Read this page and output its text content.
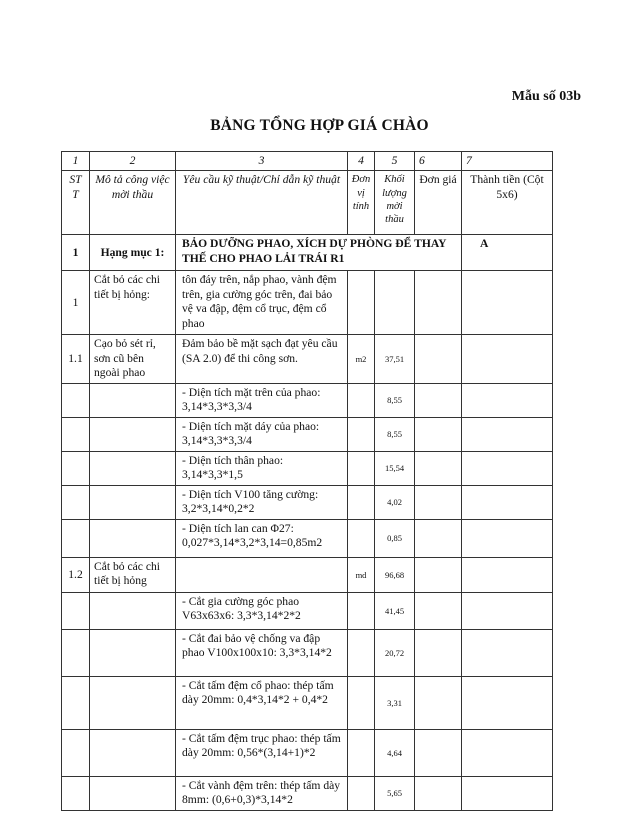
Mẫu số 03b
BẢNG TỔNG HỢP GIÁ CHÀO
1	2	3	4	5	6	7
ST T	Mô tả công việc mời thầu	Yêu cầu kỹ thuật/Chỉ dẫn kỹ thuật	Đơn vị tính	Khối lượng mời thầu	Đơn giá	Thành tiền (Cột 5x6)
1	Hạng mục 1:	BẢO DƯỠNG PHAO, XÍCH DỰ PHÒNG ĐỂ THAY THẾ CHO PHAO LẢI TRÁI R1				A
1	Cắt bỏ các chi tiết bị hỏng:	tôn đáy trên, nắp phao, vành đệm trên, gia cường góc trên, đai bảo vệ va đập, đệm cổ trục, đệm cổ phao				
1.1	Cạo bỏ sét rỉ, sơn cũ bên ngoài phao	Đảm bảo bề mặt sạch đạt yêu cầu (SA 2.0) để thi công sơn.	m2	37,51		
		- Diện tích mặt trên của phao: 3,14*3,3*3,3/4		8,55		
		- Diện tích mặt dáy của phao: 3,14*3,3*3,3/4		8,55		
		- Diện tích thân phao: 3,14*3,3*1,5		15,54		
		- Diện tích V100 tăng cường: 3,2*3,14*0,2*2		4,02		
		- Diện tích lan can Φ27: 0,027*3,14*3,2*3,14=0,85m2		0,85		
1.2	Cắt bỏ các chi tiết bị hỏng		md	96,68		
		- Cắt gia cường góc phao V63x63x6: 3,3*3,14*2*2		41,45		
		- Cắt đai bảo vệ chống va đập phao V100x100x10: 3,3*3,14*2		20,72		
		- Cắt tấm đệm cổ phao: thép tấm dày 20mm: 0,4*3,14*2 + 0,4*2		3,31		
		- Cắt tấm đệm trục phao: thép tấm dày 20mm: 0,56*(3,14+1)*2		4,64		
		- Cắt vành đệm trên: thép tấm dày 8mm: (0,6+0,3)*3,14*2		5,65		
